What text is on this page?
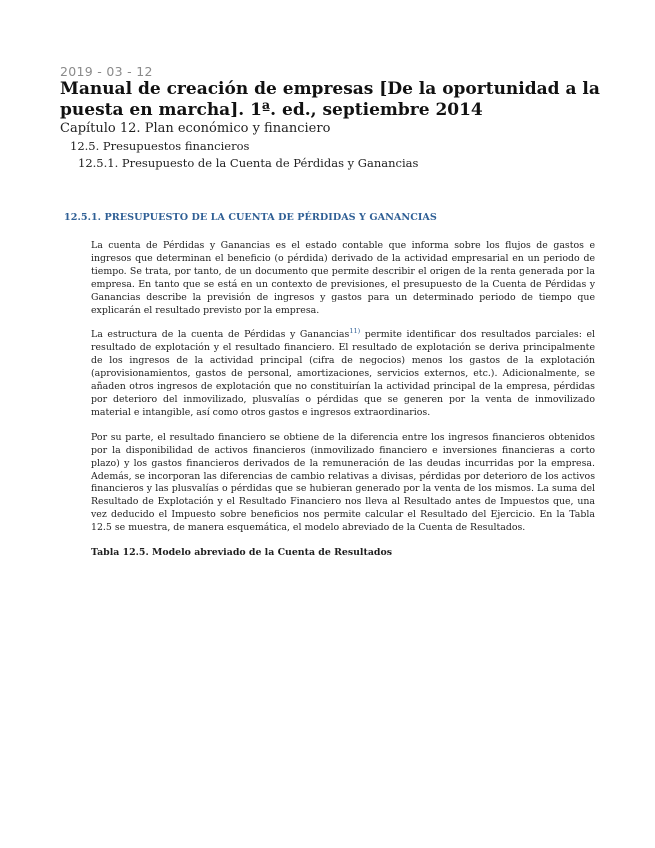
2019 - 03 - 12
Manual de creación de empresas [De la oportunidad a la puesta en marcha]. 1ª. ed., septiembre 2014
Capítulo 12. Plan económico y financiero
12.5. Presupuestos financieros
12.5.1. Presupuesto de la Cuenta de Pérdidas y Ganancias
12.5.1. PRESUPUESTO DE LA CUENTA DE PÉRDIDAS Y GANANCIAS

La cuenta de Pérdidas y Ganancias es el estado contable que informa sobre los flujos de gastos e ingresos que determinan el beneficio (o pérdida) derivado de la actividad empresarial en un periodo de tiempo. Se trata, por tanto, de un documento que permite describir el origen de la renta generada por la empresa. En tanto que se está en un contexto de previsiones, el presupuesto de la Cuenta de Pérdidas y Ganancias describe la previsión de ingresos y gastos para un determinado periodo de tiempo que explicarán el resultado previsto por la empresa.

La estructura de la cuenta de Pérdidas y Ganancias$^{11)}$ permite identificar dos resultados parciales: el resultado de explotación y el resultado financiero. El resultado de explotación se deriva principalmente de los ingresos de la actividad principal (cifra de negocios) menos los gastos de la explotación (aprovisionamientos, gastos de personal, amortizaciones, servicios externos, etc.). Adicionalmente, se añaden otros ingresos de explotación que no constituirían la actividad principal de la empresa, pérdidas por deterioro del inmovilizado, plusvalías o pérdidas que se generen por la venta de inmovilizado material e intangible, así como otros gastos e ingresos extraordinarios.

Por su parte, el resultado financiero se obtiene de la diferencia entre los ingresos financieros obtenidos por la disponibilidad de activos financieros (inmovilizado financiero e inversiones financieras a corto plazo) y los gastos financieros derivados de la remuneración de las deudas incurridas por la empresa. Además, se incorporan las diferencias de cambio relativas a divisas, pérdidas por deterioro de los activos financieros y las plusvalías o pérdidas que se hubieran generado por la venta de los mismos. La suma del Resultado de Explotación y el Resultado Financiero nos lleva al Resultado antes de Impuestos que, una vez deducido el Impuesto sobre beneficios nos permite calcular el Resultado del Ejercicio. En la Tabla 12.5 se muestra, de manera esquemática, el modelo abreviado de la Cuenta de Resultados.

Tabla 12.5. Modelo abreviado de la Cuenta de Resultados
